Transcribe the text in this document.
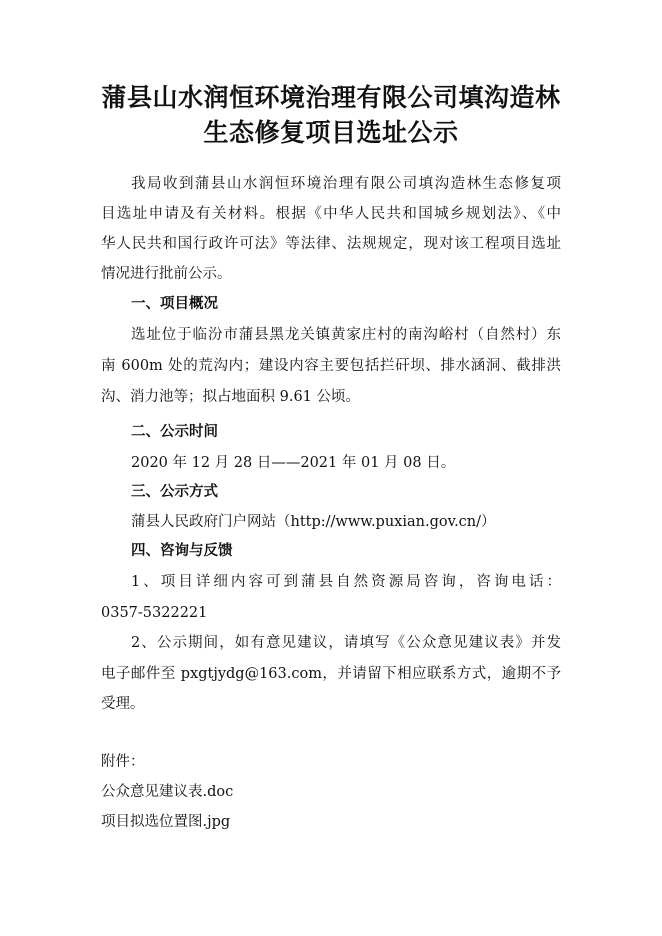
蒲县山水润恒环境治理有限公司填沟造林
生态修复项目选址公示

我局收到蒲县山水润恒环境治理有限公司填沟造林生态修复项

目选址申请及有关材料。根据《中华人民共和国城乡规划法》、《中

华人民共和国行政许可法》等法律、法规规定，现对该工程项目选址

情况进行批前公示。

一、项目概况

选址位于临汾市蒲县黑龙关镇黄家庄村的南沟峪村（自然村）东

南 600m 处的荒沟内；建设内容主要包括拦矸坝、排水涵洞、截排洪

沟、消力池等；拟占地面积 9.61 公顷。

二、公示时间

2020 年 12 月 28 日——2021 年 01 月 08 日。

三、公示方式

蒲县人民政府门户网站（http://www.puxian.gov.cn/）

四、咨询与反馈

1、项目详细内容可到蒲县自然资源局咨询，咨询电话：

0357-5322221

2、公示期间，如有意见建议，请填写《公众意见建议表》并发

电子邮件至 pxgtjydg@163.com，并请留下相应联系方式，逾期不予

受理。

附件：

公众意见建议表.doc

项目拟选位置图.jpg
